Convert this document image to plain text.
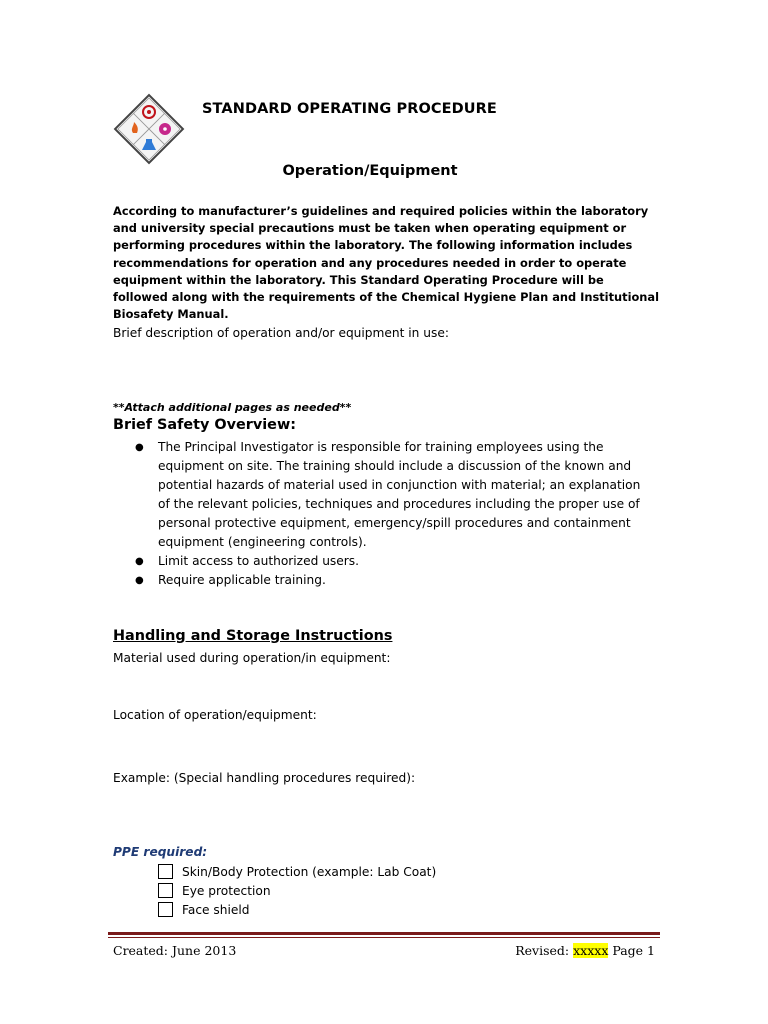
STANDARD OPERATING PROCEDURE
Operation/Equipment
According to manufacturer’s guidelines and required policies within the laboratory and university special precautions must be taken when operating equipment or performing procedures within the laboratory. The following information includes recommendations for operation and any procedures needed in order to operate equipment within the laboratory. This Standard Operating Procedure will be followed along with the requirements of the Chemical Hygiene Plan and Institutional Biosafety Manual.
Brief description of operation and/or equipment in use:
**Attach additional pages as needed**
Brief Safety Overview:
● The Principal Investigator is responsible for training employees using the equipment on site. The training should include a discussion of the known and potential hazards of material used in conjunction with material; an explanation of the relevant policies, techniques and procedures including the proper use of personal protective equipment, emergency/spill procedures and containment equipment (engineering controls).
● Limit access to authorized users.
● Require applicable training.
Handling and Storage Instructions
Material used during operation/in equipment:
Location of operation/equipment:
Example: (Special handling procedures required):
PPE required:
Skin/Body Protection (example: Lab Coat)
Eye protection
Face shield
Created: June 2013	Revised: xxxxx Page 1
